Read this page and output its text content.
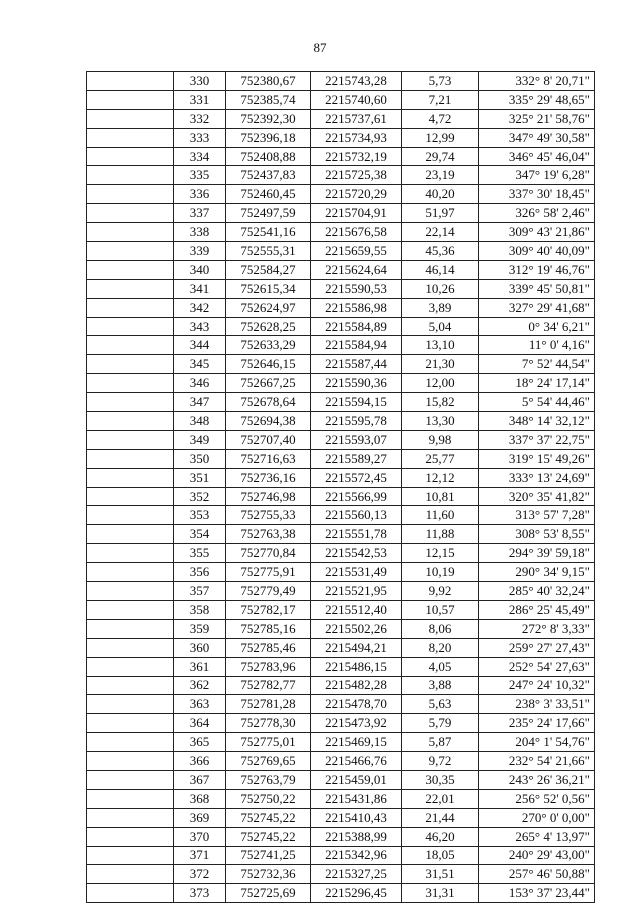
87
	330	752380,67	2215743,28	5,73	332° 8' 20,71"
	331	752385,74	2215740,60	7,21	335° 29' 48,65"
	332	752392,30	2215737,61	4,72	325° 21' 58,76"
	333	752396,18	2215734,93	12,99	347° 49' 30,58"
	334	752408,88	2215732,19	29,74	346° 45' 46,04"
	335	752437,83	2215725,38	23,19	347° 19' 6,28"
	336	752460,45	2215720,29	40,20	337° 30' 18,45"
	337	752497,59	2215704,91	51,97	326° 58' 2,46"
	338	752541,16	2215676,58	22,14	309° 43' 21,86"
	339	752555,31	2215659,55	45,36	309° 40' 40,09"
	340	752584,27	2215624,64	46,14	312° 19' 46,76"
	341	752615,34	2215590,53	10,26	339° 45' 50,81"
	342	752624,97	2215586,98	3,89	327° 29' 41,68"
	343	752628,25	2215584,89	5,04	0° 34' 6,21"
	344	752633,29	2215584,94	13,10	11° 0' 4,16"
	345	752646,15	2215587,44	21,30	7° 52' 44,54"
	346	752667,25	2215590,36	12,00	18° 24' 17,14"
	347	752678,64	2215594,15	15,82	5° 54' 44,46"
	348	752694,38	2215595,78	13,30	348° 14' 32,12"
	349	752707,40	2215593,07	9,98	337° 37' 22,75"
	350	752716,63	2215589,27	25,77	319° 15' 49,26"
	351	752736,16	2215572,45	12,12	333° 13' 24,69"
	352	752746,98	2215566,99	10,81	320° 35' 41,82"
	353	752755,33	2215560,13	11,60	313° 57' 7,28"
	354	752763,38	2215551,78	11,88	308° 53' 8,55"
	355	752770,84	2215542,53	12,15	294° 39' 59,18"
	356	752775,91	2215531,49	10,19	290° 34' 9,15"
	357	752779,49	2215521,95	9,92	285° 40' 32,24"
	358	752782,17	2215512,40	10,57	286° 25' 45,49"
	359	752785,16	2215502,26	8,06	272° 8' 3,33"
	360	752785,46	2215494,21	8,20	259° 27' 27,43"
	361	752783,96	2215486,15	4,05	252° 54' 27,63"
	362	752782,77	2215482,28	3,88	247° 24' 10,32"
	363	752781,28	2215478,70	5,63	238° 3' 33,51"
	364	752778,30	2215473,92	5,79	235° 24' 17,66"
	365	752775,01	2215469,15	5,87	204° 1' 54,76"
	366	752769,65	2215466,76	9,72	232° 54' 21,66"
	367	752763,79	2215459,01	30,35	243° 26' 36,21"
	368	752750,22	2215431,86	22,01	256° 52' 0,56"
	369	752745,22	2215410,43	21,44	270° 0' 0,00"
	370	752745,22	2215388,99	46,20	265° 4' 13,97"
	371	752741,25	2215342,96	18,05	240° 29' 43,00"
	372	752732,36	2215327,25	31,51	257° 46' 50,88"
	373	752725,69	2215296,45	31,31	153° 37' 23,44"
